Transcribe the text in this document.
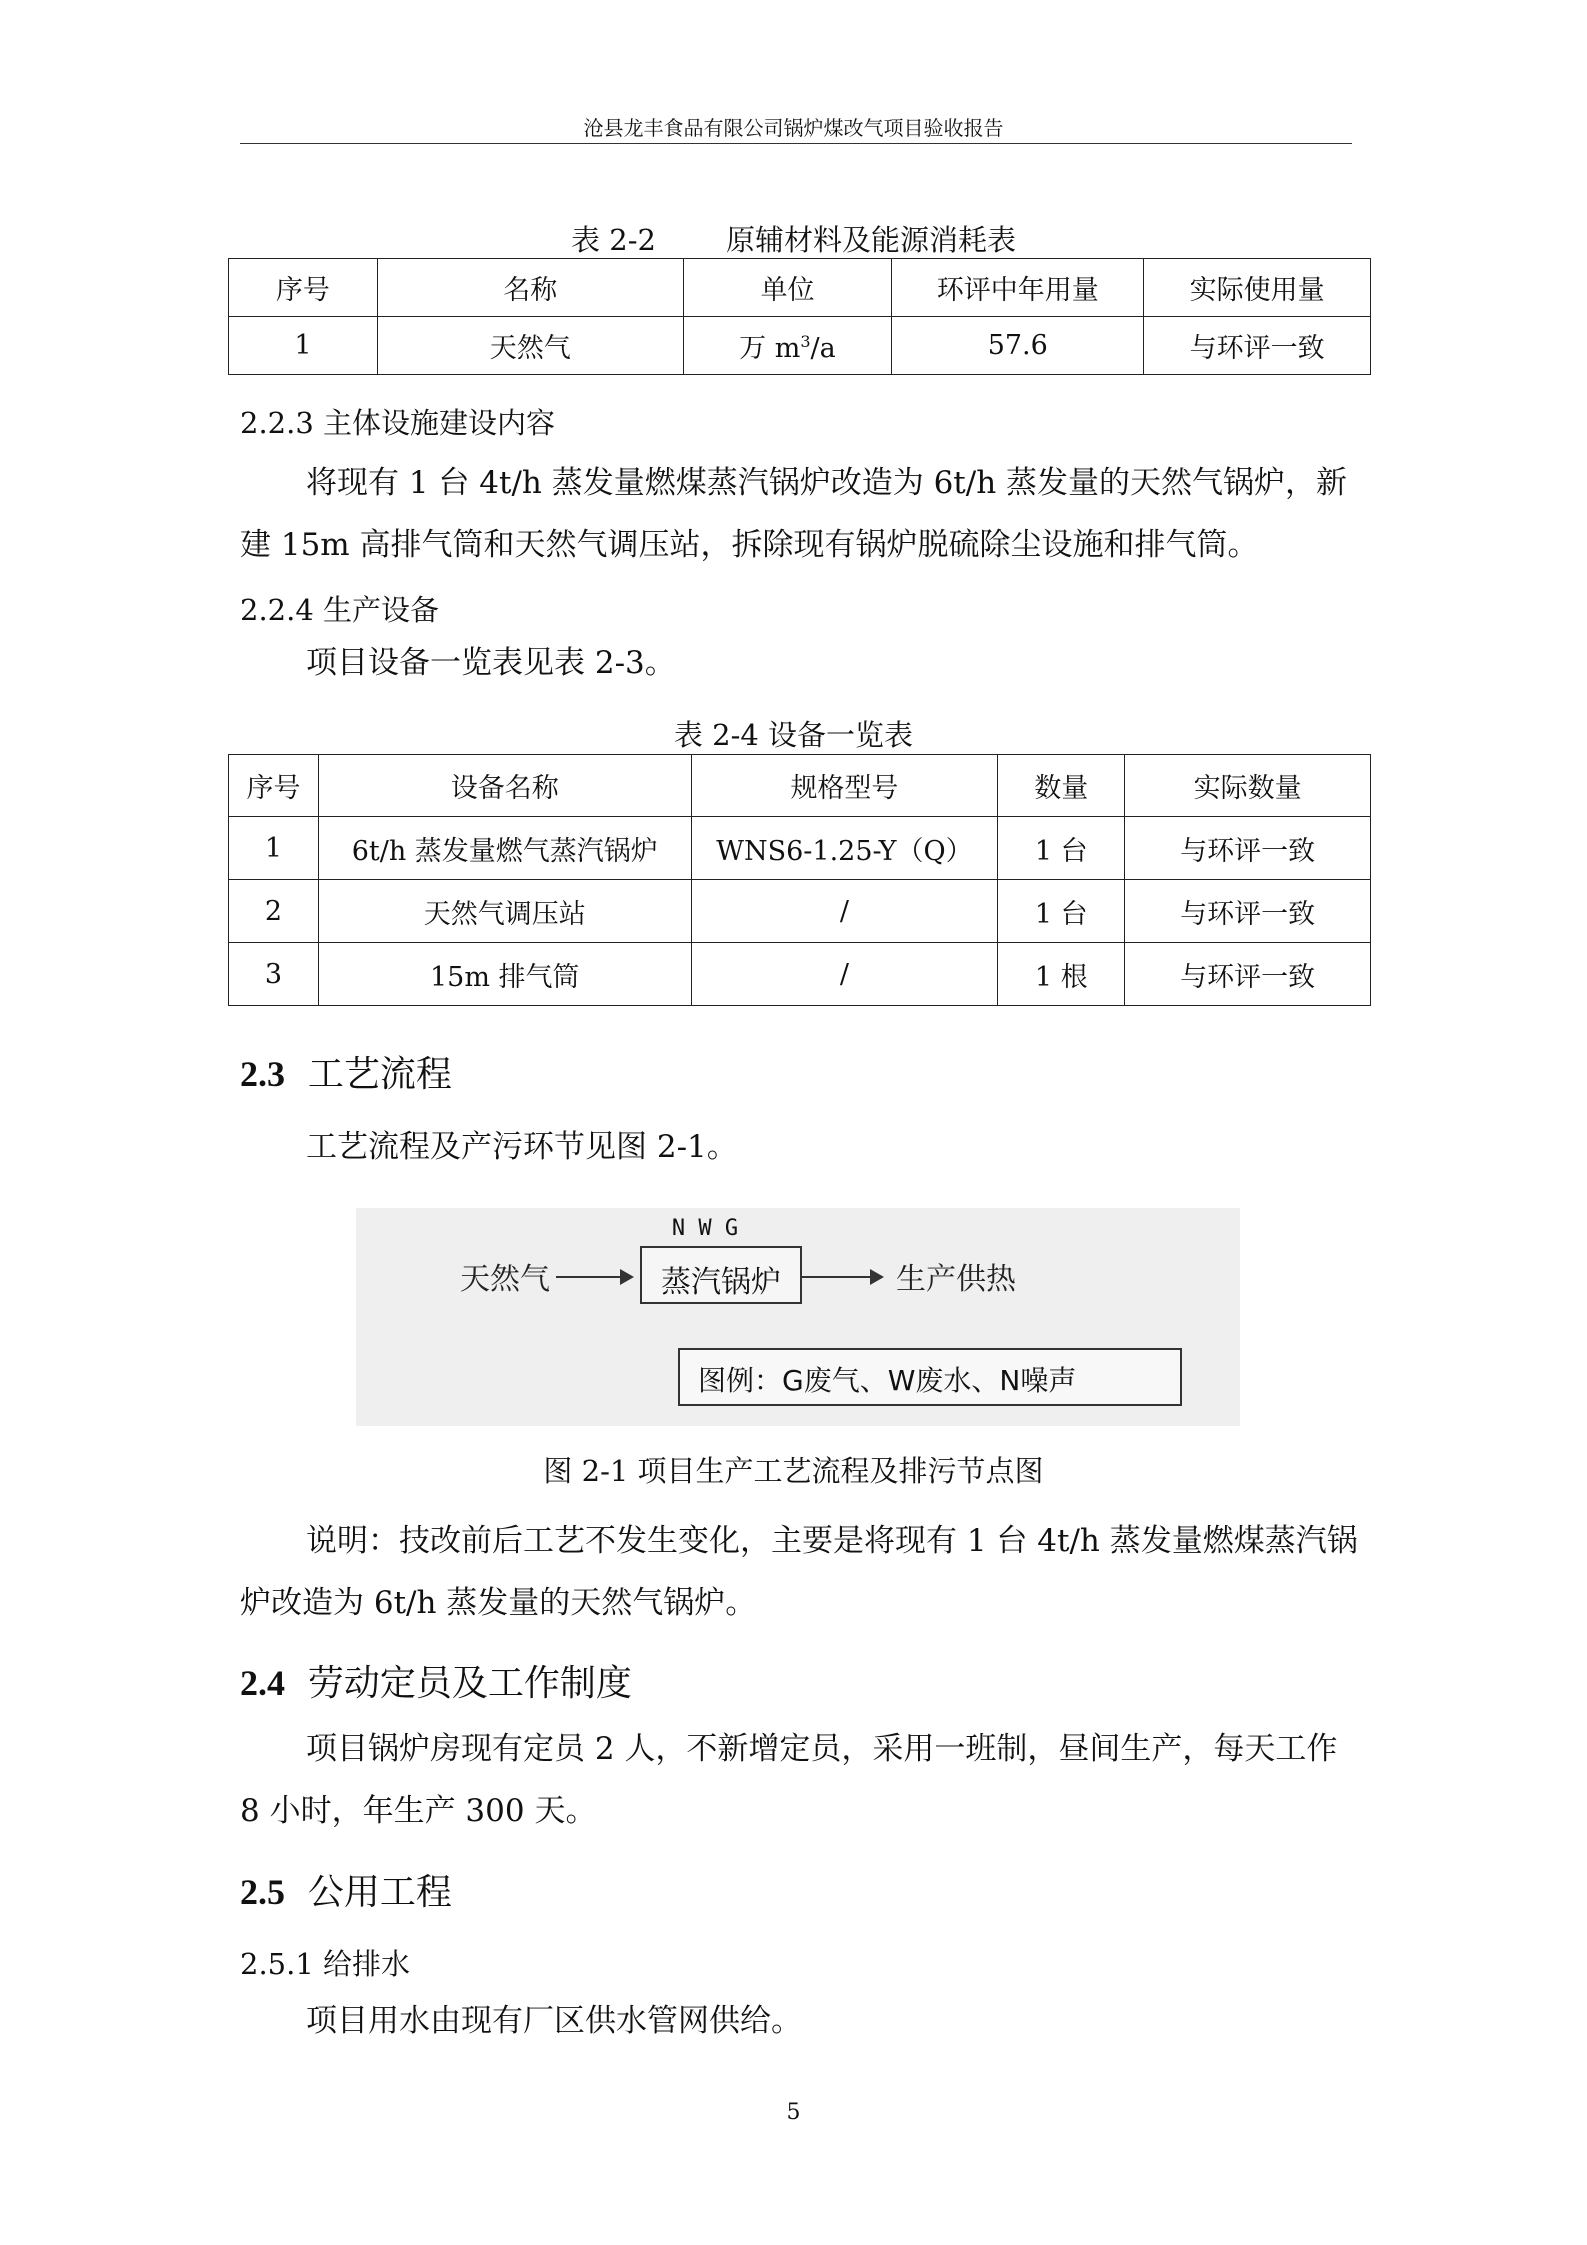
沧县龙丰食品有限公司锅炉煤改气项目验收报告
表 2-2 原辅材料及能源消耗表
序号	名称	单位	环评中年用量	实际使用量
1	天然气	万 $m^3/a$	57.6	与环评一致
2.2.3 主体设施建设内容
将现有 1 台 4t/h 蒸发量燃煤蒸汽锅炉改造为 6t/h 蒸发量的天然气锅炉，新
建 15m 高排气筒和天然气调压站，拆除现有锅炉脱硫除尘设施和排气筒。
2.2.4 生产设备
项目设备一览表见表 2-3。
表 2-4 设备一览表
序号	设备名称	规格型号	数量	实际数量
1	6t/h 蒸发量燃气蒸汽锅炉	WNS6-1.25-Y（Q）	1 台	与环评一致
2	天然气调压站	/	1 台	与环评一致
3	15m 排气筒	/	1 根	与环评一致
2.3 工艺流程
工艺流程及产污环节见图 2-1。
天然气
N W G
蒸汽锅炉	生产供热
图例：G废气、W废水、N噪声
图 2-1 项目生产工艺流程及排污节点图
说明：技改前后工艺不发生变化，主要是将现有 1 台 4t/h 蒸发量燃煤蒸汽锅
炉改造为 6t/h 蒸发量的天然气锅炉。
2.4 劳动定员及工作制度
项目锅炉房现有定员 2 人，不新增定员，采用一班制，昼间生产，每天工作
8 小时，年生产 300 天。
2.5 公用工程
2.5.1 给排水
项目用水由现有厂区供水管网供给。
5
